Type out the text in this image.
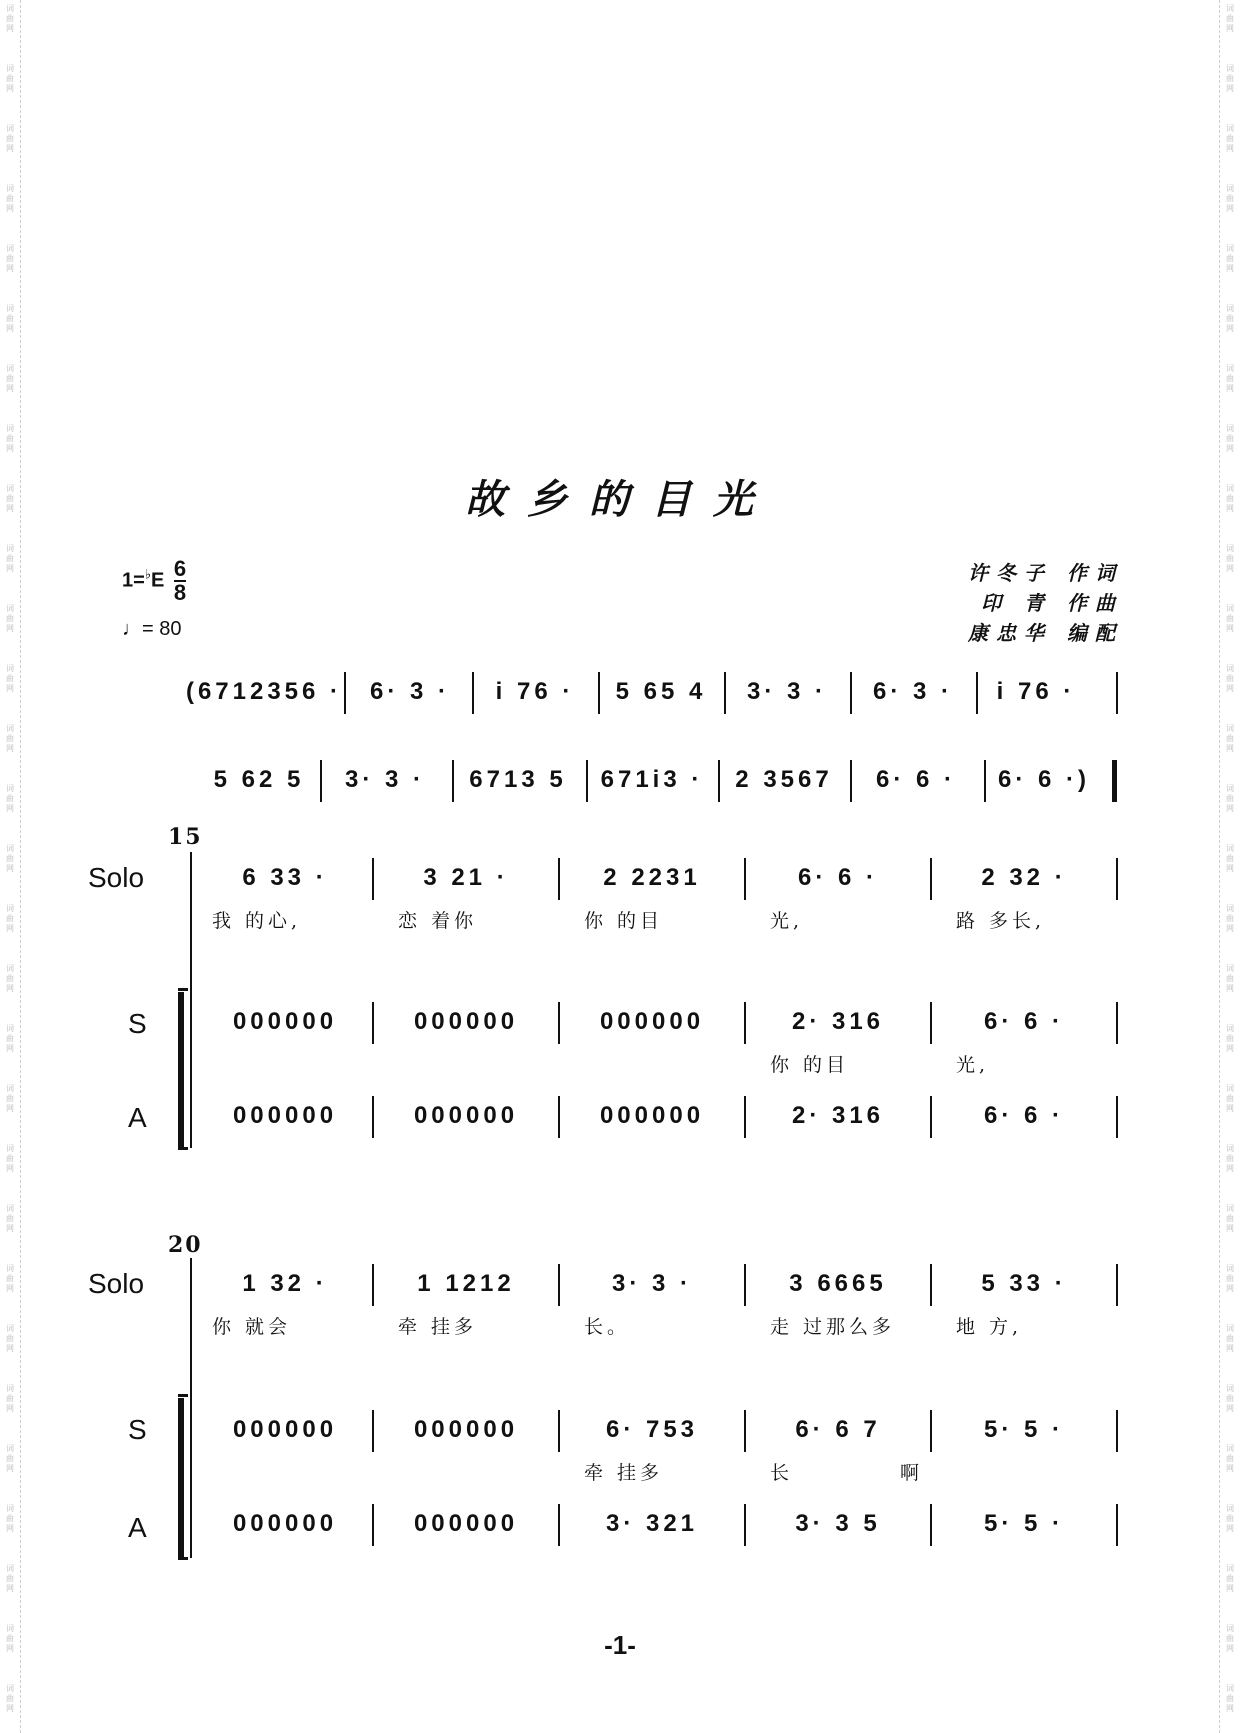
词
曲
网
词
曲
网
词
曲
网
词
曲
网
词
曲
网
词
曲
网
词
曲
网
词
曲
网
词
曲
网
词
曲
网
词
曲
网
词
曲
网
词
曲
网
词
曲
网
词
曲
网
词
曲
网
词
曲
网
词
曲
网
词
曲
网
词
曲
网
词
曲
网
词
曲
网
词
曲
网
词
曲
网
词
曲
网
词
曲
网
词
曲
网
词
曲
网
词
曲
网
词
曲
网
词
曲
网
词
曲
网
词
曲
网
词
曲
网
词
曲
网
词
曲
网
词
曲
网
词
曲
网
词
曲
网
词
曲
网
词
曲
网
词
曲
网
词
曲
网
词
曲
网
词
曲
网
词
曲
网
词
曲
网
词
曲
网
词
曲
网
词
曲
网
词
曲
网
词
曲
网
词
曲
网
词
曲
网
词
曲
网
词
曲
网
词
曲
网
词
曲
网
故乡的目光
$1=^♭E \frac{6}{8}$
♩= 80
许冬子 作词
印 青 作曲
康忠华 编配
(6712356 ·	6· 3 ·	i 76 ·	5 65 4	3· 3 ·	6· 3 ·	i 76 ·
5 62 5	3· 3 ·	6713 5	671i3 ·	2 3567	6· 6 ·	6· 6 ·)
15
Solo	6 33 ·	3 21 ·	2 2231	6· 6 ·	2 32 ·
我 的心,	恋 着你	你 的目	光,	路 多长,
S	000000	000000	000000	2· 316	6· 6 ·
你 的目	光,
A	000000	000000	000000	2· 316	6· 6 ·
20
Solo	1 32 ·	1 1212	3· 3 ·	3 6665	5 33 ·
你 就会	牵 挂多	长。	走 过那么多	地 方,
S	000000	000000	6· 753	6· 6 7	5· 5 ·
牵 挂多	长	啊
A	000000	000000	3· 321	3· 3 5	5· 5 ·
-1-
